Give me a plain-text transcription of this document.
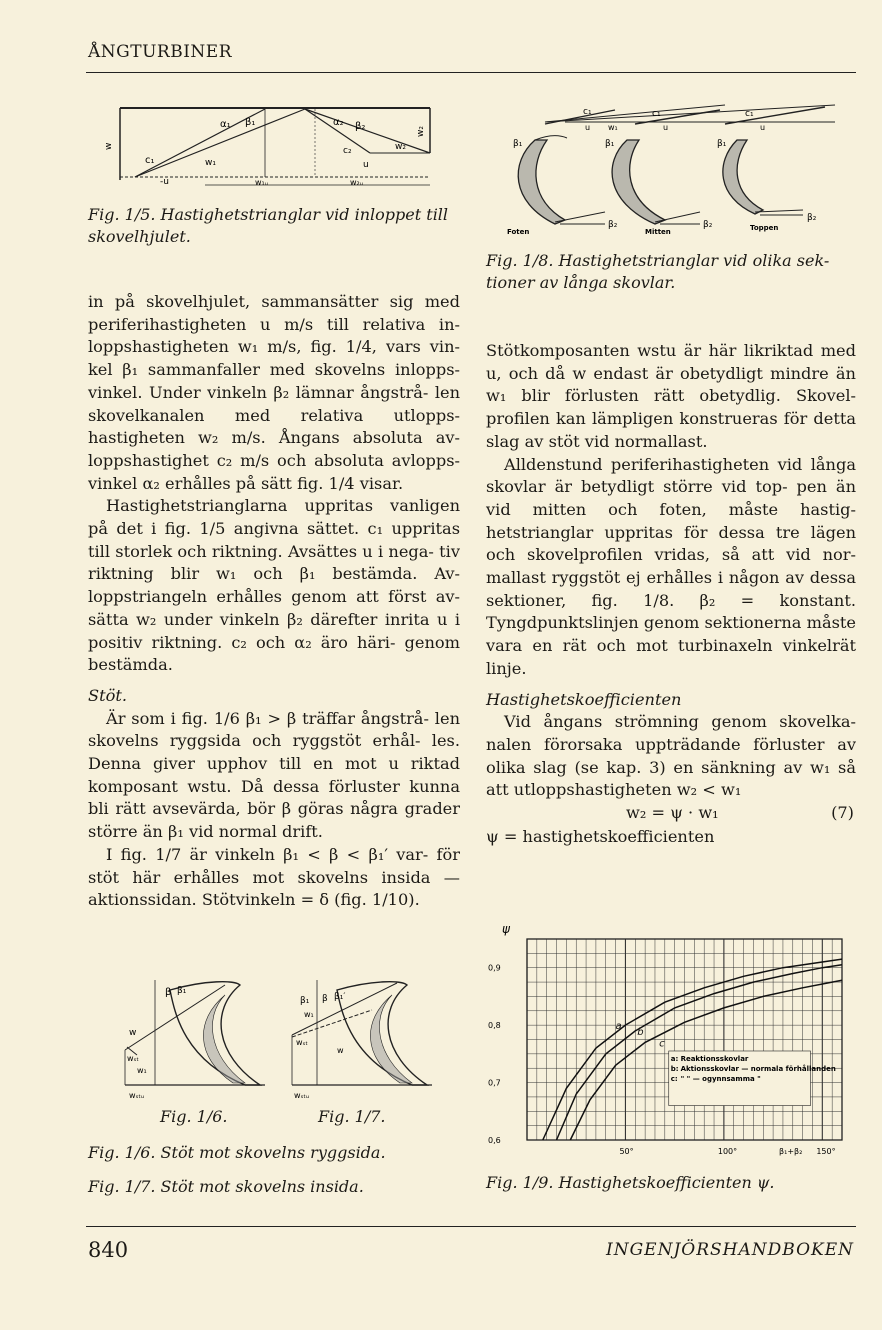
ÅNGTURBINER
w
α₁ β₁	α₂ β₂
c₁	w₁
-u	w₁ᵤ
c₂
u
w₂
w₂ᵤ
w₂
Fig. 1/5. Hastighetstrianglar vid inloppet till skovelhjulet.

in på skovelhjulet, sammansätter sig med periferihastigheten u m/s till relativa in- loppshastigheten w₁ m/s, fig. 1/4, vars vin- kel β₁ sammanfaller med skovelns inlopps- vinkel. Under vinkeln β₂ lämnar ångstrå- len skovelkanalen med relativa utlopps- hastigheten w₂ m/s. Ångans absoluta av- loppshastighet c₂ m/s och absoluta avlopps- vinkel α₂ erhålles på sätt fig. 1/4 visar.

Hastighetstrianglarna uppritas vanligen på det i fig. 1/5 angivna sättet. c₁ uppritas till storlek och riktning. Avsättes u i nega- tiv riktning blir w₁ och β₁ bestämda. Av- loppstriangeln erhålles genom att först av- sätta w₂ under vinkeln β₂ därefter inrita u i positiv riktning. c₂ och α₂ äro häri- genom bestämda.

Stöt.

Är som i fig. 1/6 β₁ > β träffar ångstrå- len skovelns ryggsida och ryggstöt erhål- les. Denna giver upphov till en mot u riktad komposant wstu. Då dessa förluster kunna bli rätt avsevärda, bör β göras några grader större än β₁ vid normal drift.

I fig. 1/7 är vinkeln β₁ < β < β₁′ var- för stöt här erhålles mot skovelns insida — aktionssidan. Stötvinkeln = δ (fig. 1/10).

β β₁
w
wₛₜ
w₁
wₛₜᵤ
β₁ β β₁′
w₁
w
wₛₜ
wₛₜᵤ
Fig. 1/6.	Fig. 1/7.
Fig. 1/6. Stöt mot skovelns ryggsida.
Fig. 1/7. Stöt mot skovelns insida.
c₁
u w₁
c₁
u
c₁
u
β₁
β₂
Foten
β₁
β₂
Mitten
β₁
β₂
Toppen
Fig. 1/8. Hastighetstrianglar vid olika sek- tioner av långa skovlar.

Stötkomposanten wstu är här likriktad med u, och då w endast är obetydligt mindre än w₁ blir förlusten rätt obetydlig. Skovel- profilen kan lämpligen konstrueras för detta slag av stöt vid normallast.

Alldenstund periferihastigheten vid långa skovlar är betydligt större vid top- pen än vid mitten och foten, måste hastig- hetstrianglar uppritas för dessa tre lägen och skovelprofilen vridas, så att vid nor- mallast ryggstöt ej erhålles i någon av dessa sektioner, fig. 1/8. β₂ = konstant. Tyngdpunktslinjen genom sektionerna måste vara en rät och mot turbinaxeln vinkelrät linje.

Hastighetskoefficienten

Vid ångans strömning genom skovelka- nalen förorsaka uppträdande förluster av olika slag (se kap. 3) en sänkning av w₁ så att utloppshastigheten w₂ < w₁

w₂ = ψ · w₁	(7)

ψ = hastighetskoefficienten

a
b
c
0,9
0,8
0,7
0,6
50°	100°	150°
ψ
β₁+β₂
a: Reaktionsskovlar
b: Aktionsskovlar — normala förhållanden
c: " " — ogynnsamma "
Fig. 1/9. Hastighetskoefficienten ψ.
840	INGENJÖRSHANDBOKEN
